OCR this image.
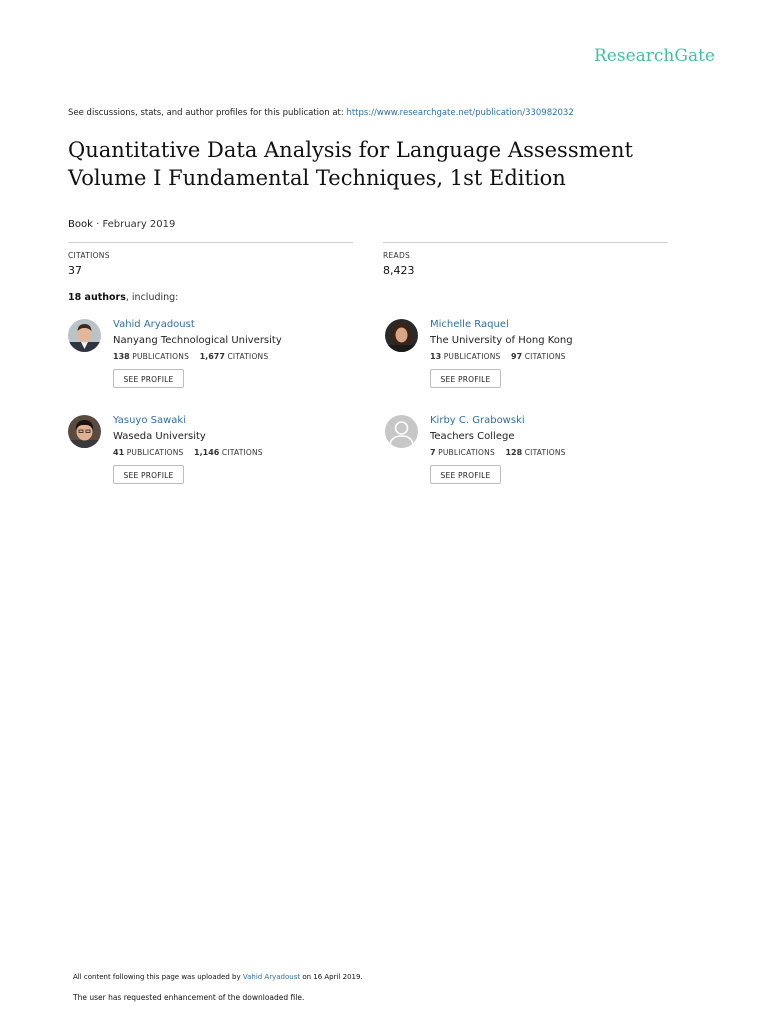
ResearchGate
See discussions, stats, and author profiles for this publication at: https://www.researchgate.net/publication/330982032
Quantitative Data Analysis for Language Assessment
Volume I Fundamental Techniques, 1st Edition
Book · February 2019
CITATIONS
37
READS
8,423
18 authors, including:
Vahid Aryadoust
Nanyang Technological University
138 PUBLICATIONS 1,677 CITATIONS
SEE PROFILE
Michelle Raquel
The University of Hong Kong
13 PUBLICATIONS 97 CITATIONS
SEE PROFILE
Yasuyo Sawaki
Waseda University
41 PUBLICATIONS 1,146 CITATIONS
SEE PROFILE
Kirby C. Grabowski
Teachers College
7 PUBLICATIONS 128 CITATIONS
SEE PROFILE
All content following this page was uploaded by Vahid Aryadoust on 16 April 2019.
The user has requested enhancement of the downloaded file.
